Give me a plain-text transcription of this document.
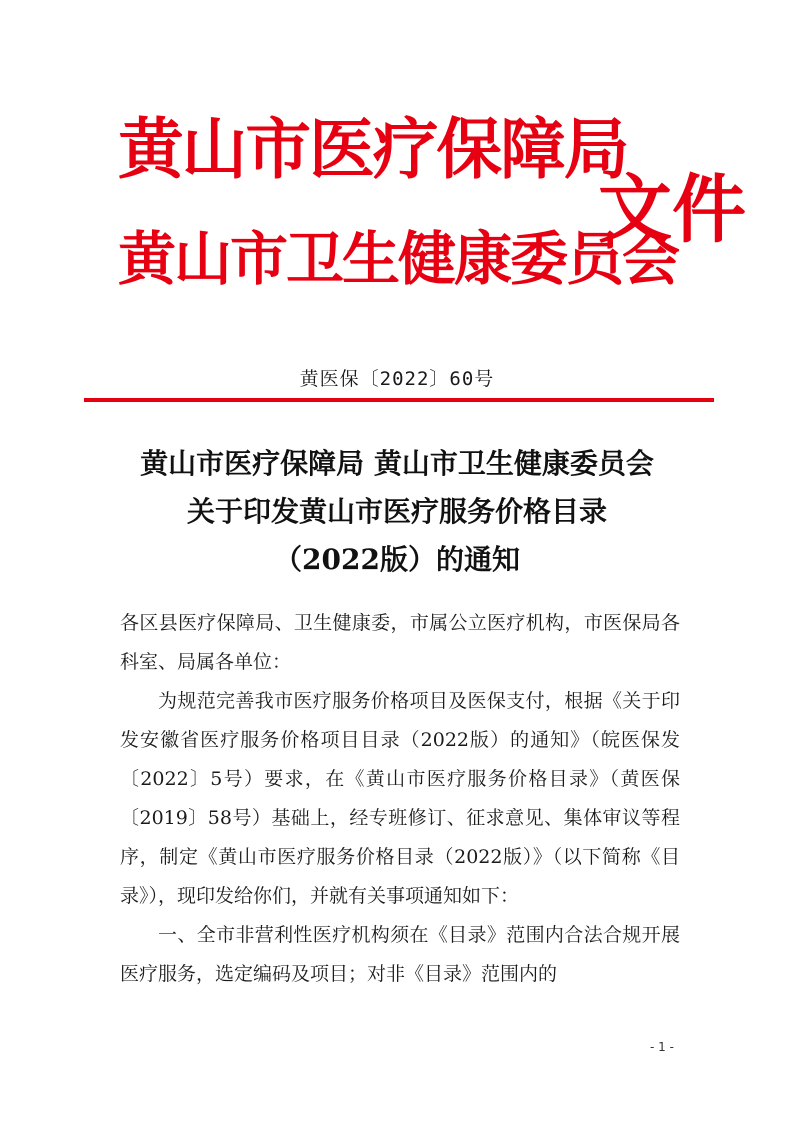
黄山市医疗保障局
黄山市卫生健康委员会
文件
黄医保〔2022〕60号
黄山市医疗保障局 黄山市卫生健康委员会
关于印发黄山市医疗服务价格目录
（2022版）的通知

各区县医疗保障局、卫生健康委，市属公立医疗机构，市医保局各科室、局属各单位：

为规范完善我市医疗服务价格项目及医保支付，根据《关于印发安徽省医疗服务价格项目目录（2022版）的通知》（皖医保发〔2022〕5号）要求，在《黄山市医疗服务价格目录》（黄医保〔2019〕58号）基础上，经专班修订、征求意见、集体审议等程序，制定《黄山市医疗服务价格目录（2022版）》（以下简称《目录》），现印发给你们，并就有关事项通知如下：

一、全市非营利性医疗机构须在《目录》范围内合法合规开展医疗服务，选定编码及项目；对非《目录》范围内的

- 1 -
